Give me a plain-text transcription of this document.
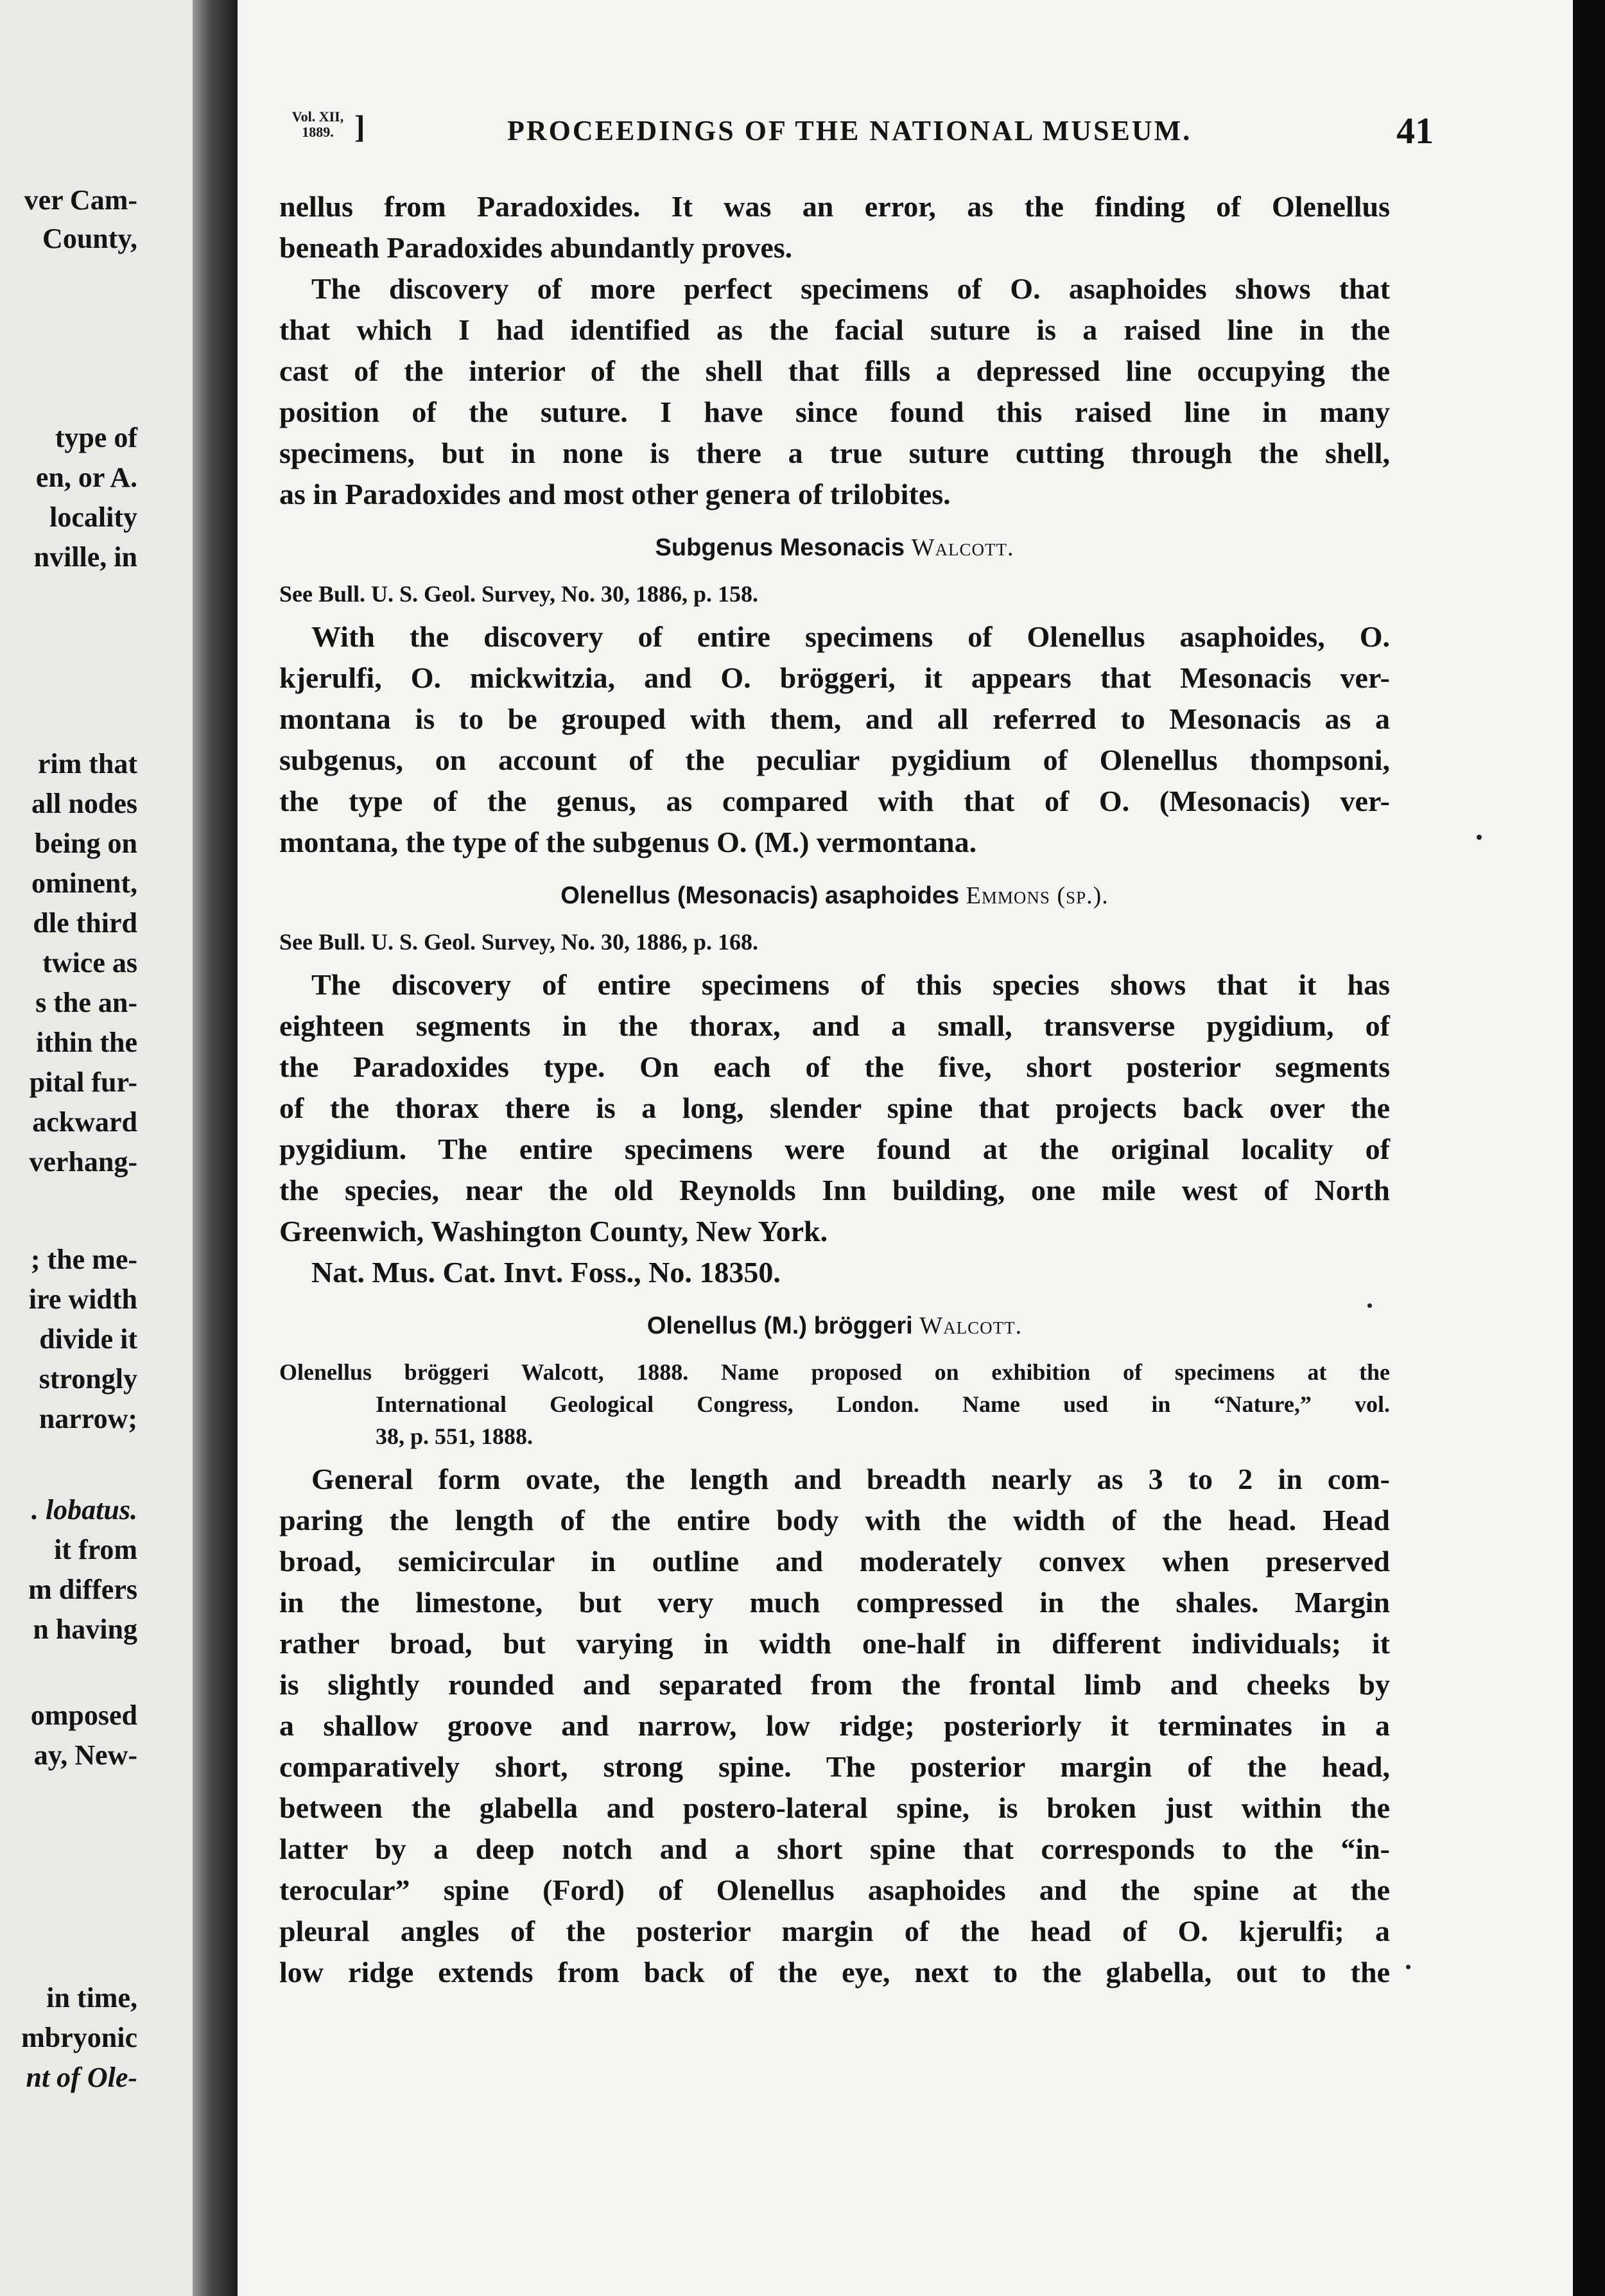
ver Cam-
County,
type of
en, or A.
locality
nville, in
rim that
all nodes
being on
ominent,
dle third
twice as
s the an-
ithin the
pital fur-
ackward
verhang-
; the me-
ire width
divide it
strongly
narrow;
. lobatus.
it from
m differs
n having
omposed
ay, New-
in time,
mbryonic
nt of Ole-
Vol. XII,
1889. ]	PROCEEDINGS OF THE NATIONAL MUSEUM.	41
nellus from Paradoxides. It was an error, as the finding of Olenellus
beneath Paradoxides abundantly proves.
The discovery of more perfect specimens of O. asaphoides shows that
that which I had identified as the facial suture is a raised line in the
cast of the interior of the shell that fills a depressed line occupying the
position of the suture. I have since found this raised line in many
specimens, but in none is there a true suture cutting through the shell,
as in Paradoxides and most other genera of trilobites.
Subgenus Mesonacis Walcott.
See Bull. U. S. Geol. Survey, No. 30, 1886, p. 158.
With the discovery of entire specimens of Olenellus asaphoides, O.
kjerulfi, O. mickwitzia, and O. bröggeri, it appears that Mesonacis ver-
montana is to be grouped with them, and all referred to Mesonacis as a
subgenus, on account of the peculiar pygidium of Olenellus thompsoni,
the type of the genus, as compared with that of O. (Mesonacis) ver-
montana, the type of the subgenus O. (M.) vermontana.
Olenellus (Mesonacis) asaphoides Emmons (sp.).
See Bull. U. S. Geol. Survey, No. 30, 1886, p. 168.
The discovery of entire specimens of this species shows that it has
eighteen segments in the thorax, and a small, transverse pygidium, of
the Paradoxides type. On each of the five, short posterior segments
of the thorax there is a long, slender spine that projects back over the
pygidium. The entire specimens were found at the original locality of
the species, near the old Reynolds Inn building, one mile west of North
Greenwich, Washington County, New York.
Nat. Mus. Cat. Invt. Foss., No. 18350.
Olenellus (M.) bröggeri Walcott.
Olenellus bröggeri Walcott, 1888. Name proposed on exhibition of specimens at the
International Geological Congress, London. Name used in “Nature,” vol.
38, p. 551, 1888.
General form ovate, the length and breadth nearly as 3 to 2 in com-
paring the length of the entire body with the width of the head. Head
broad, semicircular in outline and moderately convex when preserved
in the limestone, but very much compressed in the shales. Margin
rather broad, but varying in width one-half in different individuals; it
is slightly rounded and separated from the frontal limb and cheeks by
a shallow groove and narrow, low ridge; posteriorly it terminates in a
comparatively short, strong spine. The posterior margin of the head,
between the glabella and postero-lateral spine, is broken just within the
latter by a deep notch and a short spine that corresponds to the “in-
terocular” spine (Ford) of Olenellus asaphoides and the spine at the
pleural angles of the posterior margin of the head of O. kjerulfi; a
low ridge extends from back of the eye, next to the glabella, out to the
